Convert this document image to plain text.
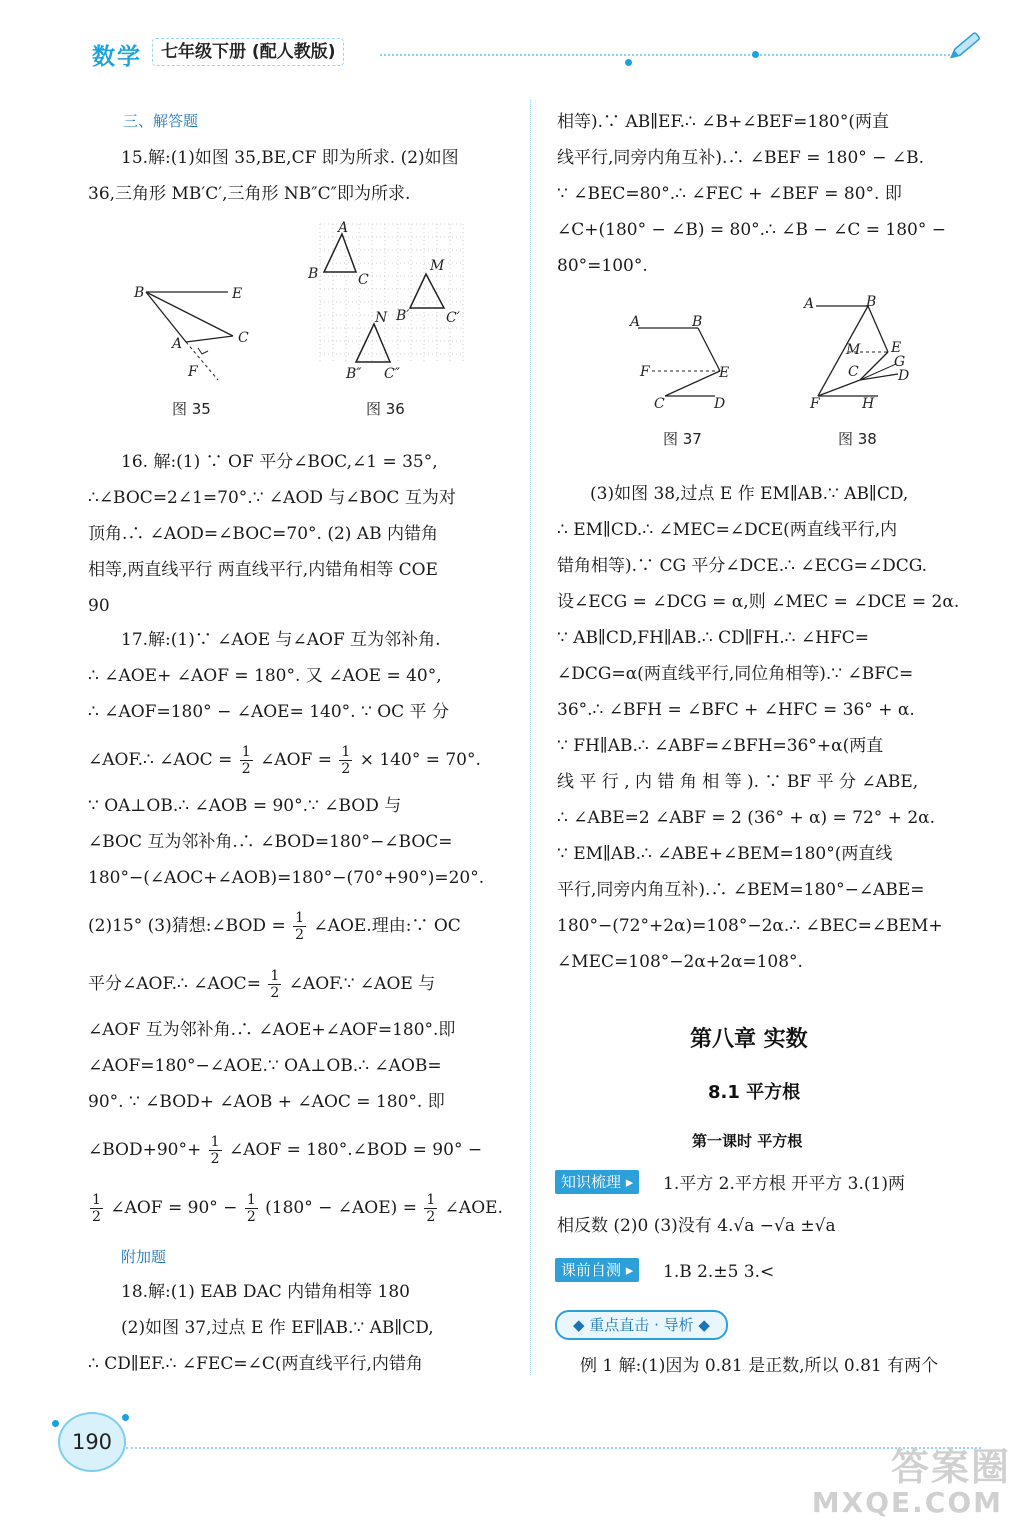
数学	七年级下册 (配人教版)
三、解答题
15.解:(1)如图 35,BE,CF 即为所求. (2)如图
36,三角形 MB′C′,三角形 NB″C″即为所求.
B	E
A	C
F
图 35
A
B	C
M
N B′	C′
B″ C″
图 36
16. 解:(1) ∵ OF 平分∠BOC,∠1 = 35°,
∴∠BOC=2∠1=70°.∵ ∠AOD 与∠BOC 互为对
顶角.∴ ∠AOD=∠BOC=70°. (2) AB 内错角
相等,两直线平行 两直线平行,内错角相等 COE
90
17.解:(1)∵ ∠AOE 与∠AOF 互为邻补角.
∴ ∠AOE+ ∠AOF = 180°. 又 ∠AOE = 40°,
∴ ∠AOF=180° − ∠AOE= 140°. ∵ OC 平 分
∠AOF.∴ ∠AOC = $\frac{1}{2}$ ∠AOF = $\frac{1}{2} \times 140^\circ = 70^\circ$.
∵ OA⊥OB.∴ ∠AOB = 90°.∵ ∠BOD 与
∠BOC 互为邻补角.∴ ∠BOD=180°−∠BOC=
180°−(∠AOC+∠AOB)=180°−(70°+90°)=20°.
(2)15° (3)猜想:∠BOD = $\frac{1}{2}$ ∠AOE.理由:∵ OC
平分∠AOF.∴ ∠AOC= $\frac{1}{2}$ ∠AOF.∵ ∠AOE 与
∠AOF 互为邻补角.∴ ∠AOE+∠AOF=180°.即
∠AOF=180°−∠AOE.∵ OA⊥OB.∴ ∠AOB=
90°. ∵ ∠BOD+ ∠AOB + ∠AOC = 180°. 即
∠BOD+90°+ $\frac{1}{2}$ ∠AOF = 180°.∠BOD = 90° −
$\frac{1}{2}$ ∠AOF = $90^\circ - \frac{1}{2} (180^\circ$ − ∠AOE) = $\frac{1}{2}$ ∠AOE.
附加题
18.解:(1) EAB DAC 内错角相等 180
(2)如图 37,过点 E 作 EF∥AB.∵ AB∥CD,
∴ CD∥EF.∴ ∠FEC=∠C(两直线平行,内错角
相等).∵ AB∥EF.∴ ∠B+∠BEF=180°(两直
线平行,同旁内角互补).∴ ∠BEF = 180° − ∠B.
∵ ∠BEC=80°.∴ ∠FEC + ∠BEF = 80°. 即
∠C+(180° − ∠B) = 80°.∴ ∠B − ∠C = 180° −
80°=100°.
A	B
F	E
C	D
图 37
A	B
M E
G
C	D
F	H
图 38
(3)如图 38,过点 E 作 EM∥AB.∵ AB∥CD,
∴ EM∥CD.∴ ∠MEC=∠DCE(两直线平行,内
错角相等).∵ CG 平分∠DCE.∴ ∠ECG=∠DCG.
设∠ECG = ∠DCG = α,则 ∠MEC = ∠DCE = 2α.
∵ AB∥CD,FH∥AB.∴ CD∥FH.∴ ∠HFC=
∠DCG=α(两直线平行,同位角相等).∵ ∠BFC=
36°.∴ ∠BFH = ∠BFC + ∠HFC = 36° + α.
∵ FH∥AB.∴ ∠ABF=∠BFH=36°+α(两直
线 平 行 , 内 错 角 相 等 ). ∵ BF 平 分 ∠ABE,
∴ ∠ABE=2 ∠ABF = 2 (36° + α) = 72° + 2α.
∵ EM∥AB.∴ ∠ABE+∠BEM=180°(两直线
平行,同旁内角互补).∴ ∠BEM=180°−∠ABE=
180°−(72°+2α)=108°−2α.∴ ∠BEC=∠BEM+
∠MEC=108°−2α+2α=108°.
第八章 实数
8.1 平方根
第一课时 平方根
知识梳理 ▸	1.平方 2.平方根 开平方 3.(1)两
相反数 (2)0 (3)没有 4.√a −√a ±√a
课前自测 ▸	1.B 2.±5 3.<
◆ 重点直击 · 导析 ◆
例 1 解:(1)因为 0.81 是正数,所以 0.81 有两个
190
答案圈
MXQE.COM
